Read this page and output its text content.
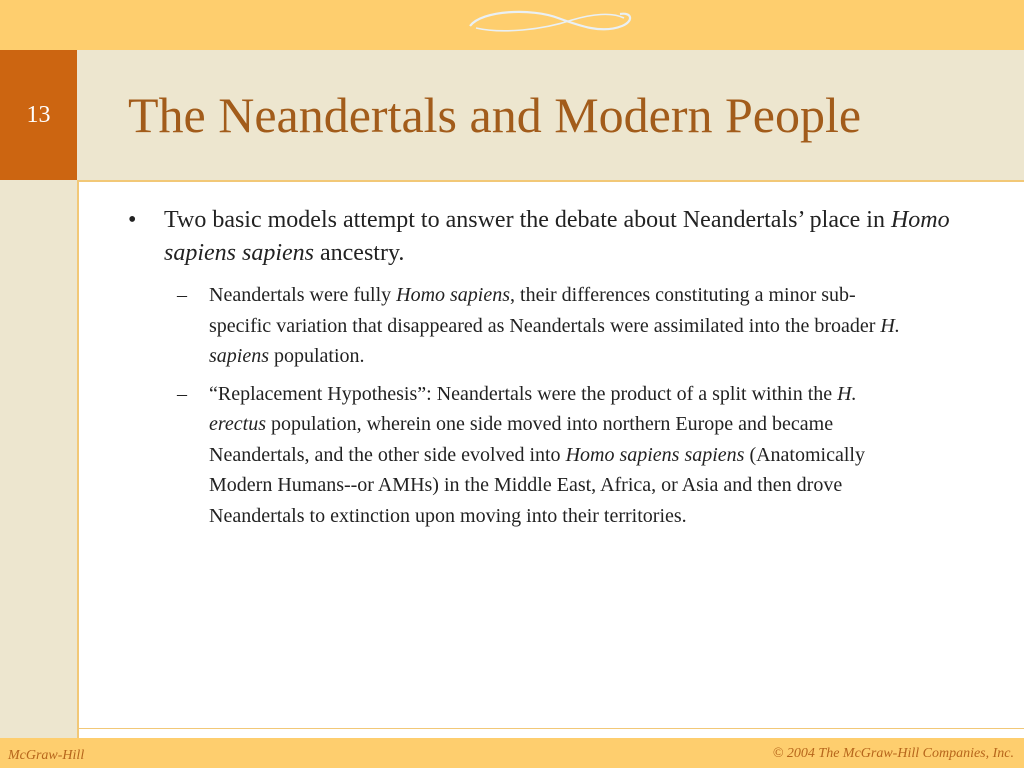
13	The Neandertals and Modern People
• Two basic models attempt to answer the debate about Neandertals’ place in Homo sapiens sapiens ancestry.
– Neandertals were fully Homo sapiens, their differences constituting a minor sub-specific variation that disappeared as Neandertals were assimilated into the broader H. sapiens population.
– “Replacement Hypothesis”: Neandertals were the product of a split within the H. erectus population, wherein one side moved into northern Europe and became Neandertals, and the other side evolved into Homo sapiens sapiens (Anatomically Modern Humans--or AMHs) in the Middle East, Africa, or Asia and then drove Neandertals to extinction upon moving into their territories.
McGraw-Hill	© 2004 The McGraw-Hill Companies, Inc.
